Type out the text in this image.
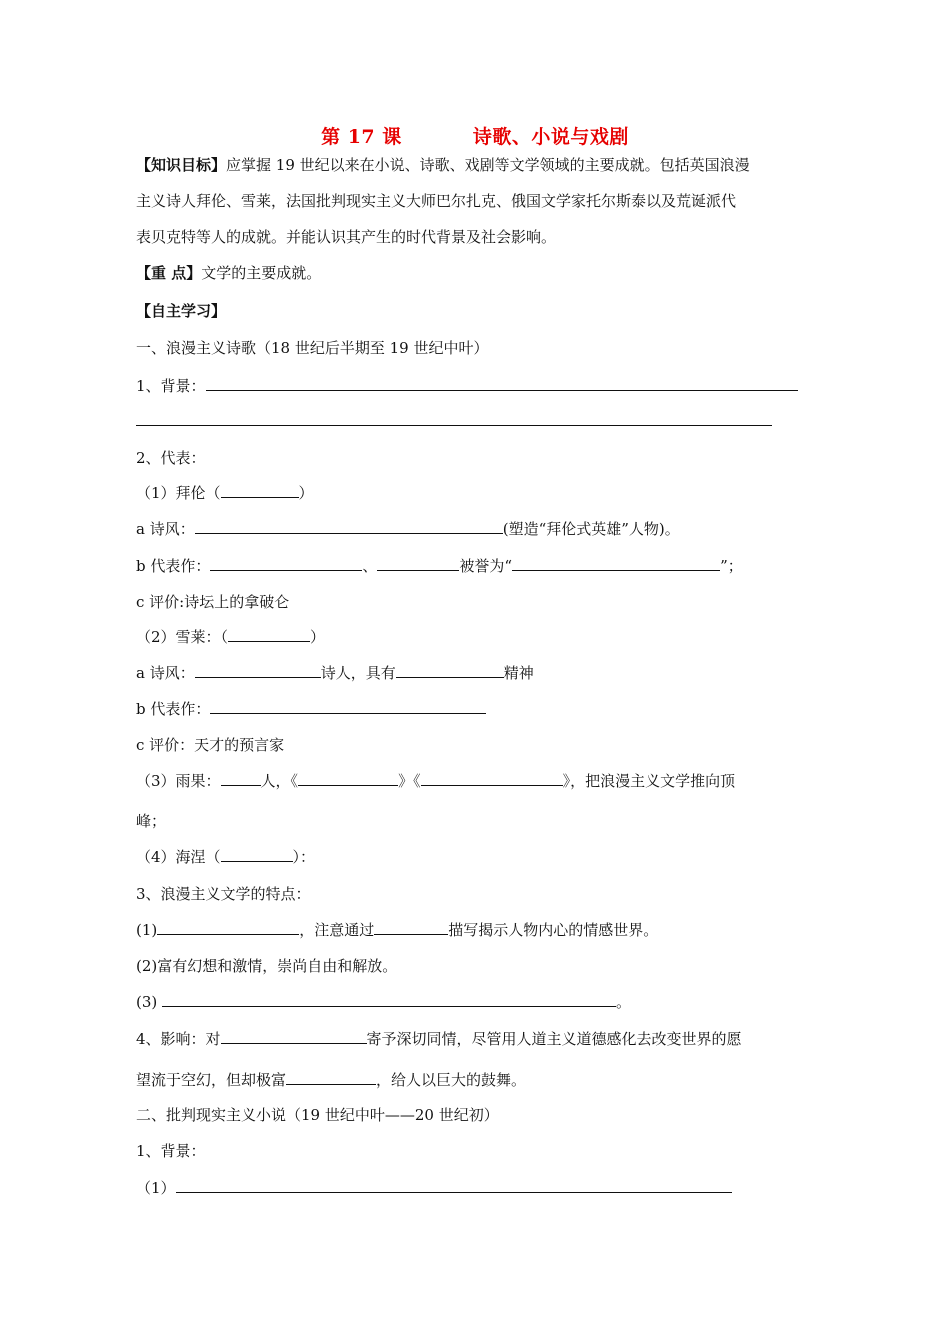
第 17 课          诗歌、小说与戏剧
【知识目标】应掌握 19 世纪以来在小说、诗歌、戏剧等文学领域的主要成就。包括英国浪漫
主义诗人拜伦、雪莱，法国批判现实主义大师巴尔扎克、俄国文学家托尔斯泰以及荒诞派代
表贝克特等人的成就。并能认识其产生的时代背景及社会影响。
【重 点】文学的主要成就。
【自主学习】
一、浪漫主义诗歌（18 世纪后半期至 19 世纪中叶）
1、背景：
2、代表：
（1）拜伦（	）
a 诗风：	(塑造“拜伦式英雄”人物)。
b 代表作：	、	被誉为“	”；
c 评价:诗坛上的拿破仑
（2）雪莱：（	）
a 诗风：	诗人，具有	精神
b 代表作：
c 评价：天才的预言家
（3）雨果：	人，《	》《	》，把浪漫主义文学推向顶
峰；
（4）海涅（	）：
3、浪漫主义文学的特点：
(1)	，注意通过	描写揭示人物内心的情感世界。
(2)富有幻想和激情，崇尚自由和解放。
(3)	。
4、影响：对	寄予深切同情，尽管用人道主义道德感化去改变世界的愿
望流于空幻，但却极富	，给人以巨大的鼓舞。
二、批判现实主义小说（19 世纪中叶——20 世纪初）
1、背景：
（1）
